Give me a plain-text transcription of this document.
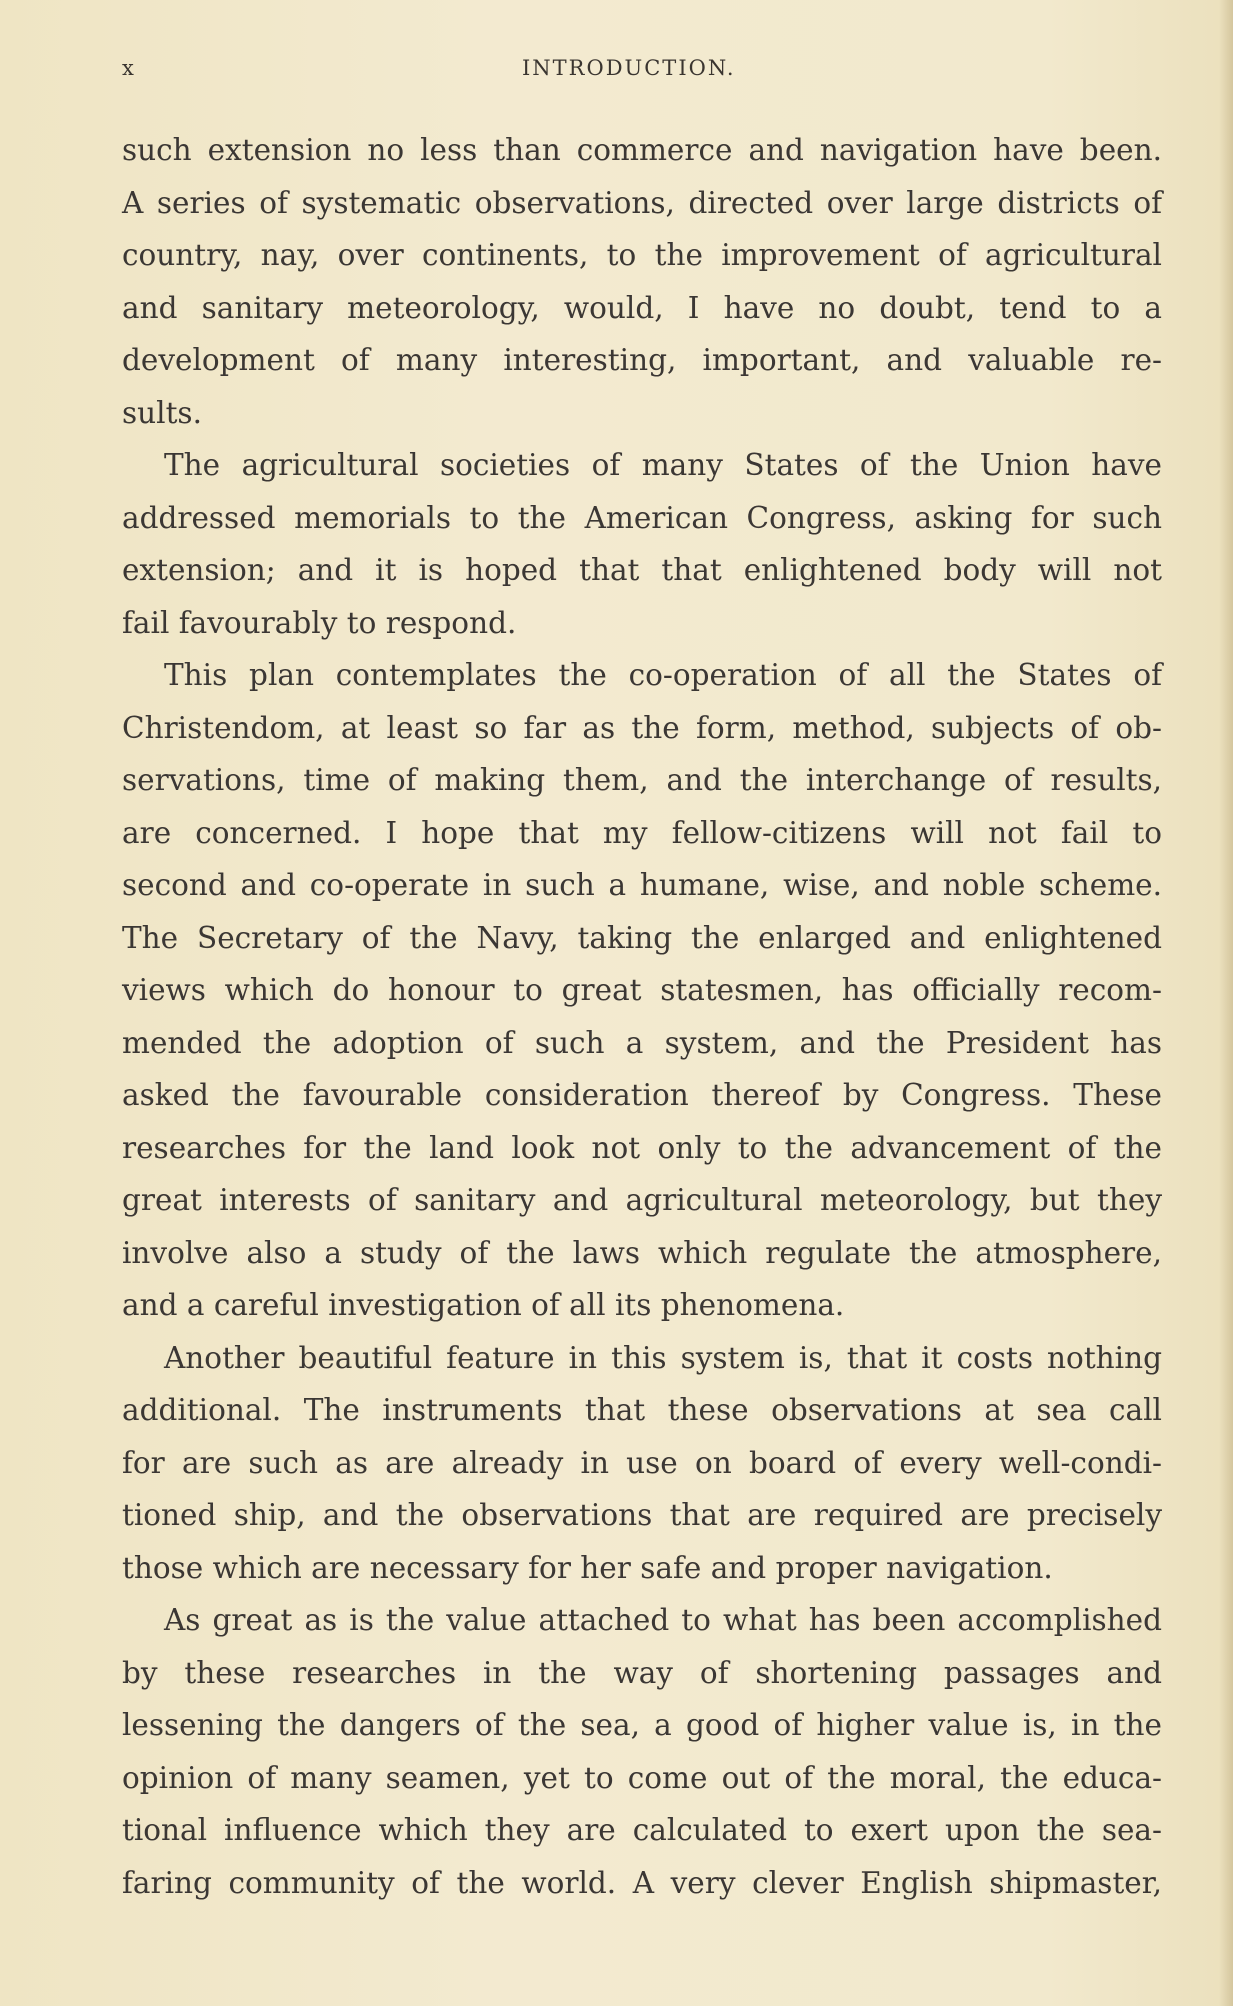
x	INTRODUCTION.
such extension no less than commerce and navigation have been.
A series of systematic observations, directed over large districts of
country, nay, over continents, to the improvement of agricultural
and sanitary meteorology, would, I have no doubt, tend to a
development of many interesting, important, and valuable re-
sults.
The agricultural societies of many States of the Union have
addressed memorials to the American Congress, asking for such
extension; and it is hoped that that enlightened body will not
fail favourably to respond.
This plan contemplates the co-operation of all the States of
Christendom, at least so far as the form, method, subjects of ob-
servations, time of making them, and the interchange of results,
are concerned. I hope that my fellow-citizens will not fail to
second and co-operate in such a humane, wise, and noble scheme.
The Secretary of the Navy, taking the enlarged and enlightened
views which do honour to great statesmen, has officially recom-
mended the adoption of such a system, and the President has
asked the favourable consideration thereof by Congress. These
researches for the land look not only to the advancement of the
great interests of sanitary and agricultural meteorology, but they
involve also a study of the laws which regulate the atmosphere,
and a careful investigation of all its phenomena.
Another beautiful feature in this system is, that it costs nothing
additional. The instruments that these observations at sea call
for are such as are already in use on board of every well-condi-
tioned ship, and the observations that are required are precisely
those which are necessary for her safe and proper navigation.
As great as is the value attached to what has been accomplished
by these researches in the way of shortening passages and
lessening the dangers of the sea, a good of higher value is, in the
opinion of many seamen, yet to come out of the moral, the educa-
tional influence which they are calculated to exert upon the sea-
faring community of the world. A very clever English shipmaster,
